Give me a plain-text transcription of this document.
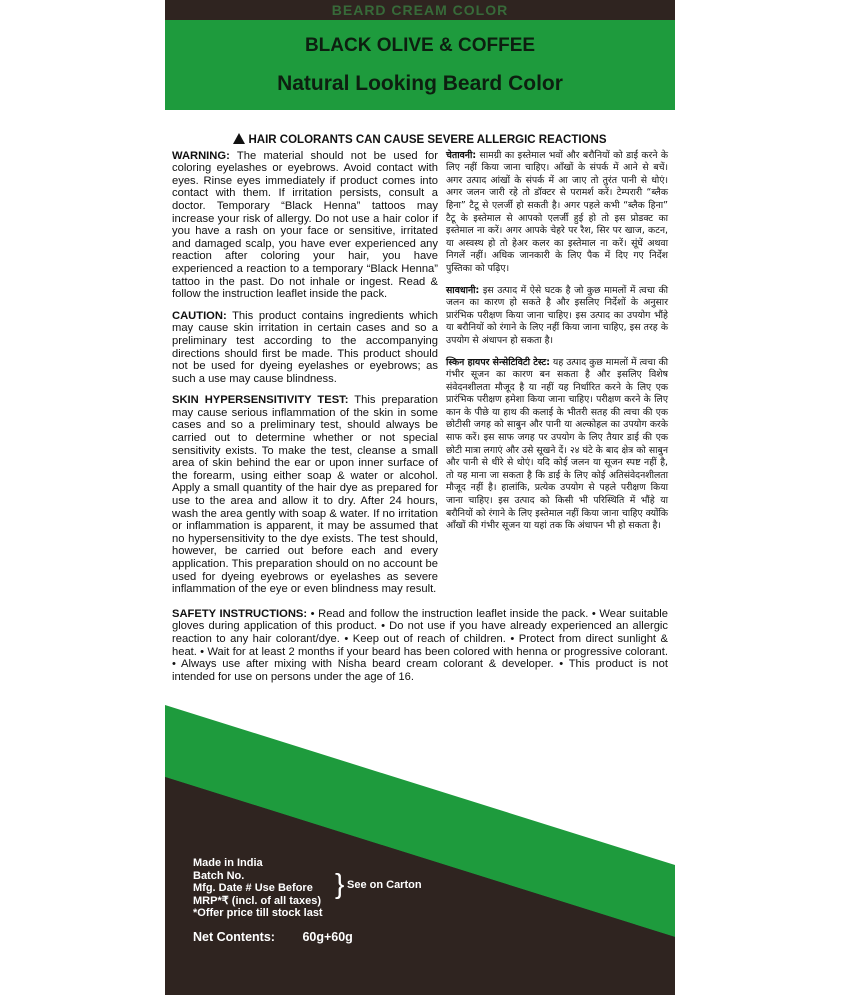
BEARD CREAM COLOR
BLACK OLIVE & COFFEE
Natural Looking Beard Color
HAIR COLORANTS CAN CAUSE SEVERE ALLERGIC REACTIONS

WARNING: The material should not be used for coloring eyelashes or eyebrows. Avoid contact with eyes. Rinse eyes immediately if product comes into contact with them. If irritation persists, consult a doctor. Temporary “Black Henna” tattoos may increase your risk of allergy. Do not use a hair color if you have a rash on your face or sensitive, irritated and damaged scalp, you have ever experienced any reaction after coloring your hair, you have experienced a reaction to a temporary “Black Henna” tattoo in the past. Do not inhale or ingest. Read & follow the instruction leaflet inside the pack.

CAUTION: This product contains ingredients which may cause skin irritation in certain cases and so a preliminary test according to the accompanying directions should first be made. This product should not be used for dyeing eyelashes or eyebrows; as such a use may cause blindness.

SKIN HYPERSENSITIVITY TEST: This preparation may cause serious inflammation of the skin in some cases and so a preliminary test, should always be carried out to determine whether or not special sensitivity exists. To make the test, cleanse a small area of skin behind the ear or upon inner surface of the forearm, using either soap & water or alcohol. Apply a small quantity of the hair dye as prepared for use to the area and allow it to dry. After 24 hours, wash the area gently with soap & water. If no irritation or inflammation is apparent, it may be assumed that no hypersensitivity to the dye exists. The test should, however, be carried out before each and every application. This preparation should on no account be used for dyeing eyebrows or eyelashes as severe inflammation of the eye or even blindness may result.

चेतावनी: सामग्री का इस्तेमाल भवों और बरौनियों को डाई करने के लिए नहीं किया जाना चाहिए। आँखों के संपर्क में आने से बचें। अगर उत्पाद आंखों के संपर्क में आ जाए तो तुरंत पानी से धोएं। अगर जलन जारी रहे तो डॉक्टर से परामर्श करें। टेम्परारी “ब्लैक हिना” टैटू से एलर्जी हो सकती है। अगर पहले कभी “ब्लैक हिना” टैटू के इस्तेमाल से आपको एलर्जी हुई हो तो इस प्रोडक्ट का इस्तेमाल ना करें। अगर आपके चेहरे पर रैश, सिर पर खाज, कटन, या अस्वस्थ हो तो हेअर कलर का इस्तेमाल ना करें। सूंघें अथवा निगलें नहीं। अधिक जानकारी के लिए पैक में दिए गए निर्देश पुस्तिका को पढ़िए।

सावधानी: इस उत्पाद में ऐसे घटक है जो कुछ मामलों में त्वचा की जलन का कारण हो सकते है और इसलिए निर्देशों के अनुसार प्रारंभिक परीक्षण किया जाना चाहिए। इस उत्पाद का उपयोग भौंहे या बरौनियों को रंगाने के लिए नहीं किया जाना चाहिए, इस तरह के उपयोग से अंधापन हो सकता है।

स्किन हायपर सेन्सेटिविटी टेस्ट: यह उत्पाद कुछ मामलों में त्वचा की गंभीर सूजन का कारण बन सकता है और इसलिए विशेष संवेदनशीलता मौजूद है या नहीं यह निर्धारित करने के लिए एक प्रारंभिक परीक्षण हमेशा किया जाना चाहिए। परीक्षण करने के लिए कान के पीछे या हाथ की कलाई के भीतरी सतह की त्वचा की एक छोटीसी जगह को साबुन और पानी या अल्कोहल का उपयोग करके साफ करें। इस साफ जगह पर उपयोग के लिए तैयार डाई की एक छोटी मात्रा लगाएं और उसे सूखने दें। २४ घंटे के बाद क्षेत्र को साबुन और पानी से धीरे से धोएं। यदि कोई जलन या सूजन स्पष्ट नहीं है, तो यह माना जा सकता है कि डाई के लिए कोई अतिसंवेदनशीलता मौजूद नहीं है। हालांकि, प्रत्येक उपयोग से पहले परीक्षण किया जाना चाहिए। इस उत्पाद को किसी भी परिस्थिति में भौंहे या बरौनियों को रंगाने के लिए इस्तेमाल नहीं किया जाना चाहिए क्योंकि आँखों की गंभीर सूजन या यहां तक कि अंधापन भी हो सकता है।

SAFETY INSTRUCTIONS: • Read and follow the instruction leaflet inside the pack. • Wear suitable gloves during application of this product. • Do not use if you have already experienced an allergic reaction to any hair colorant/dye. • Keep out of reach of children. • Protect from direct sunlight & heat. • Wait for at least 2 months if your beard has been colored with henna or progressive colorant. • Always use after mixing with Nisha beard cream colorant & developer. • This product is not intended for use on persons under the age of 16.

Made in India
Batch No.
Mfg. Date # Use Before
MRP*₹ (incl. of all taxes)
*Offer price till stock last
} See on Carton
Net Contents: 60g+60g
